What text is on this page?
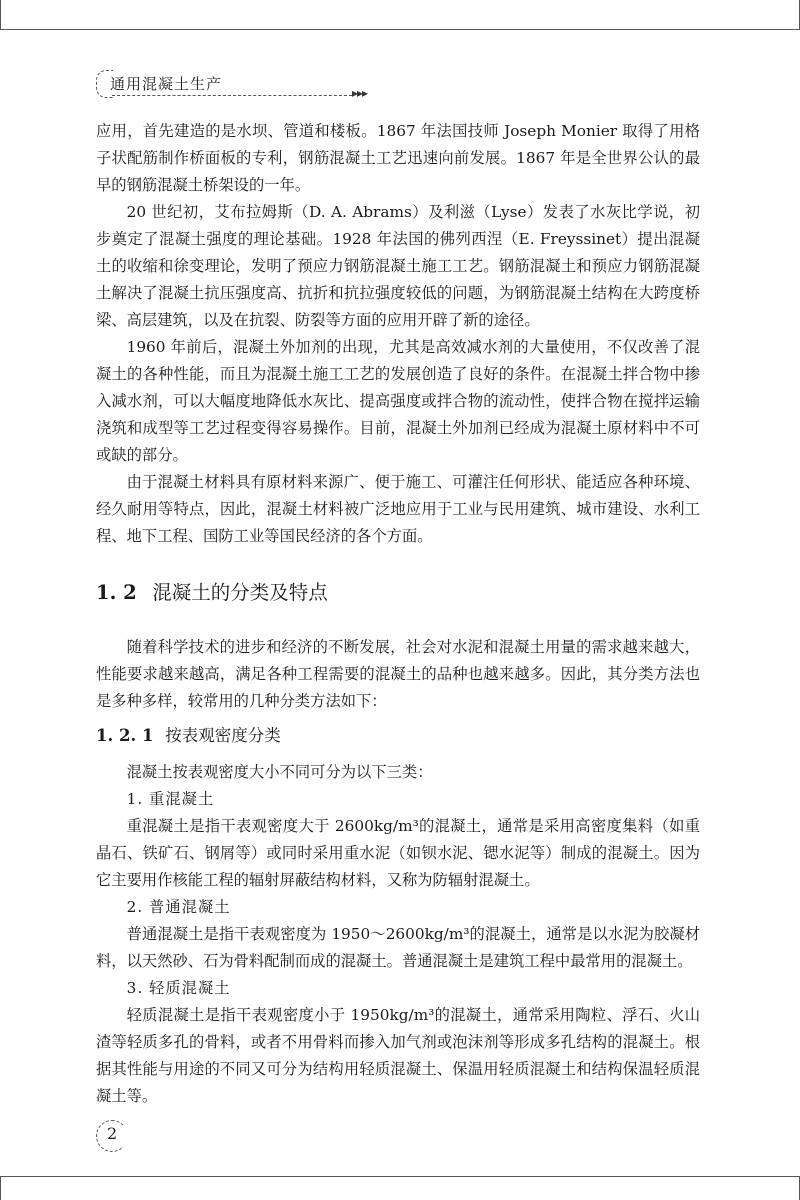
通用混凝土生产	▸▸▸

应用，首先建造的是水坝、管道和楼板。1867 年法国技师 Joseph Monier 取得了用格子状配筋制作桥面板的专利，钢筋混凝土工艺迅速向前发展。1867 年是全世界公认的最早的钢筋混凝土桥架设的一年。

20 世纪初，艾布拉姆斯（D. A. Abrams）及利滋（Lyse）发表了水灰比学说，初步奠定了混凝土强度的理论基础。1928 年法国的佛列西涅（E. Freyssinet）提出混凝土的收缩和徐变理论，发明了预应力钢筋混凝土施工工艺。钢筋混凝土和预应力钢筋混凝土解决了混凝土抗压强度高、抗折和抗拉强度较低的问题，为钢筋混凝土结构在大跨度桥梁、高层建筑，以及在抗裂、防裂等方面的应用开辟了新的途径。

1960 年前后，混凝土外加剂的出现，尤其是高效减水剂的大量使用，不仅改善了混凝土的各种性能，而且为混凝土施工工艺的发展创造了良好的条件。在混凝土拌合物中掺入减水剂，可以大幅度地降低水灰比、提高强度或拌合物的流动性，使拌合物在搅拌运输浇筑和成型等工艺过程变得容易操作。目前，混凝土外加剂已经成为混凝土原材料中不可或缺的部分。

由于混凝土材料具有原材料来源广、便于施工、可灌注任何形状、能适应各种环境、经久耐用等特点，因此，混凝土材料被广泛地应用于工业与民用建筑、城市建设、水利工程、地下工程、国防工业等国民经济的各个方面。

1. 2 混凝土的分类及特点

随着科学技术的进步和经济的不断发展，社会对水泥和混凝土用量的需求越来越大，性能要求越来越高，满足各种工程需要的混凝土的品种也越来越多。因此，其分类方法也是多种多样，较常用的几种分类方法如下：

1. 2. 1 按表观密度分类

混凝土按表观密度大小不同可分为以下三类：

1. 重混凝土

重混凝土是指干表观密度大于 2600kg/m³的混凝土，通常是采用高密度集料（如重晶石、铁矿石、钢屑等）或同时采用重水泥（如钡水泥、锶水泥等）制成的混凝土。因为它主要用作核能工程的辐射屏蔽结构材料，又称为防辐射混凝土。

2. 普通混凝土

普通混凝土是指干表观密度为 1950～2600kg/m³的混凝土，通常是以水泥为胶凝材料，以天然砂、石为骨料配制而成的混凝土。普通混凝土是建筑工程中最常用的混凝土。

3. 轻质混凝土

轻质混凝土是指干表观密度小于 1950kg/m³的混凝土，通常采用陶粒、浮石、火山渣等轻质多孔的骨料，或者不用骨料而掺入加气剂或泡沫剂等形成多孔结构的混凝土。根据其性能与用途的不同又可分为结构用轻质混凝土、保温用轻质混凝土和结构保温轻质混凝土等。

2
